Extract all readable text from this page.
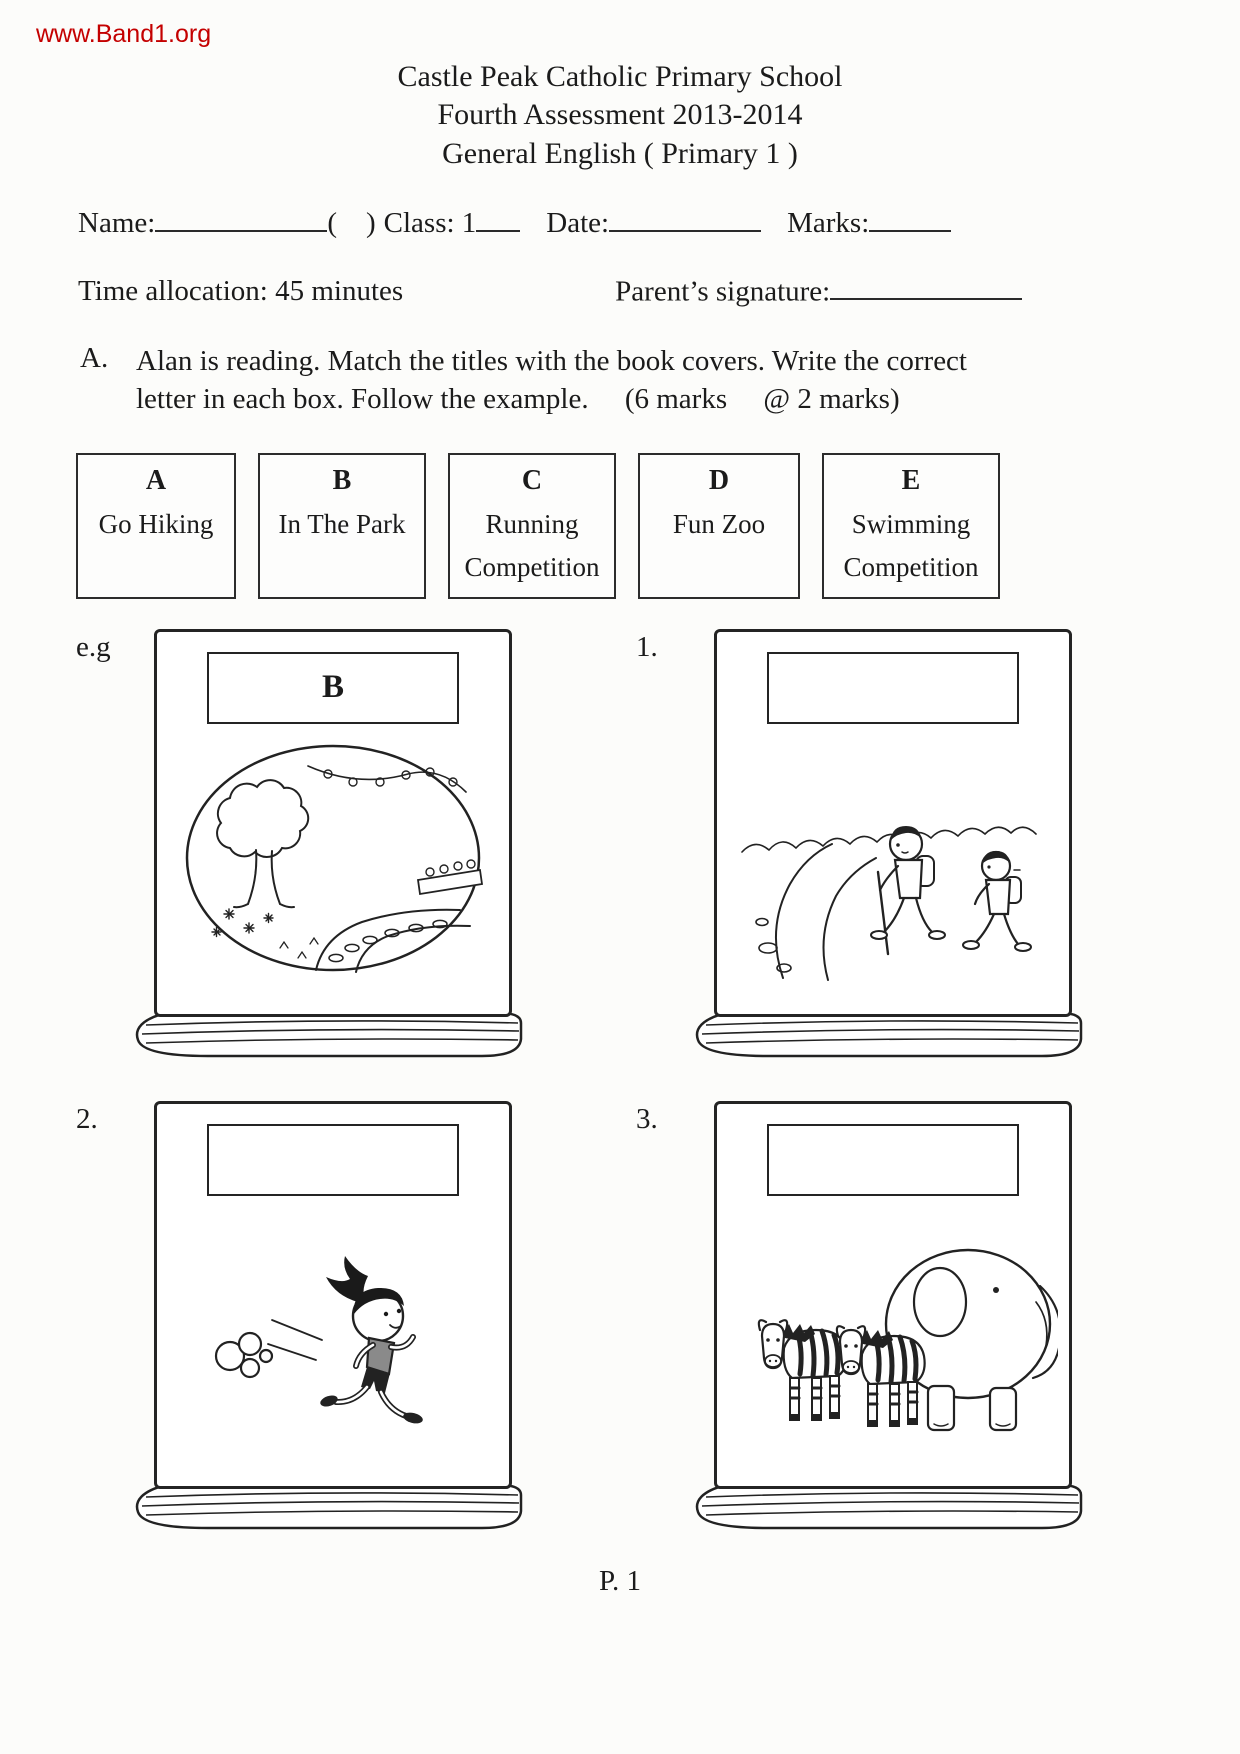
www.Band1.org
Castle Peak Catholic Primary School
Fourth Assessment 2013-2014
General English ( Primary 1 )
Name:	(  ) Class: 1 Date:	Marks:
Time allocation: 45 minutes	Parent’s signature:
A. Alan is reading. Match the titles with the book covers. Write the correct
letter in each box. Follow the example.  (6 marks  @ 2 marks)
A
Go Hiking
B
In The Park
C
Running Competition
D
Fun Zoo
E
Swimming Competition
e.g
B
1.
2.	3.
P. 1
